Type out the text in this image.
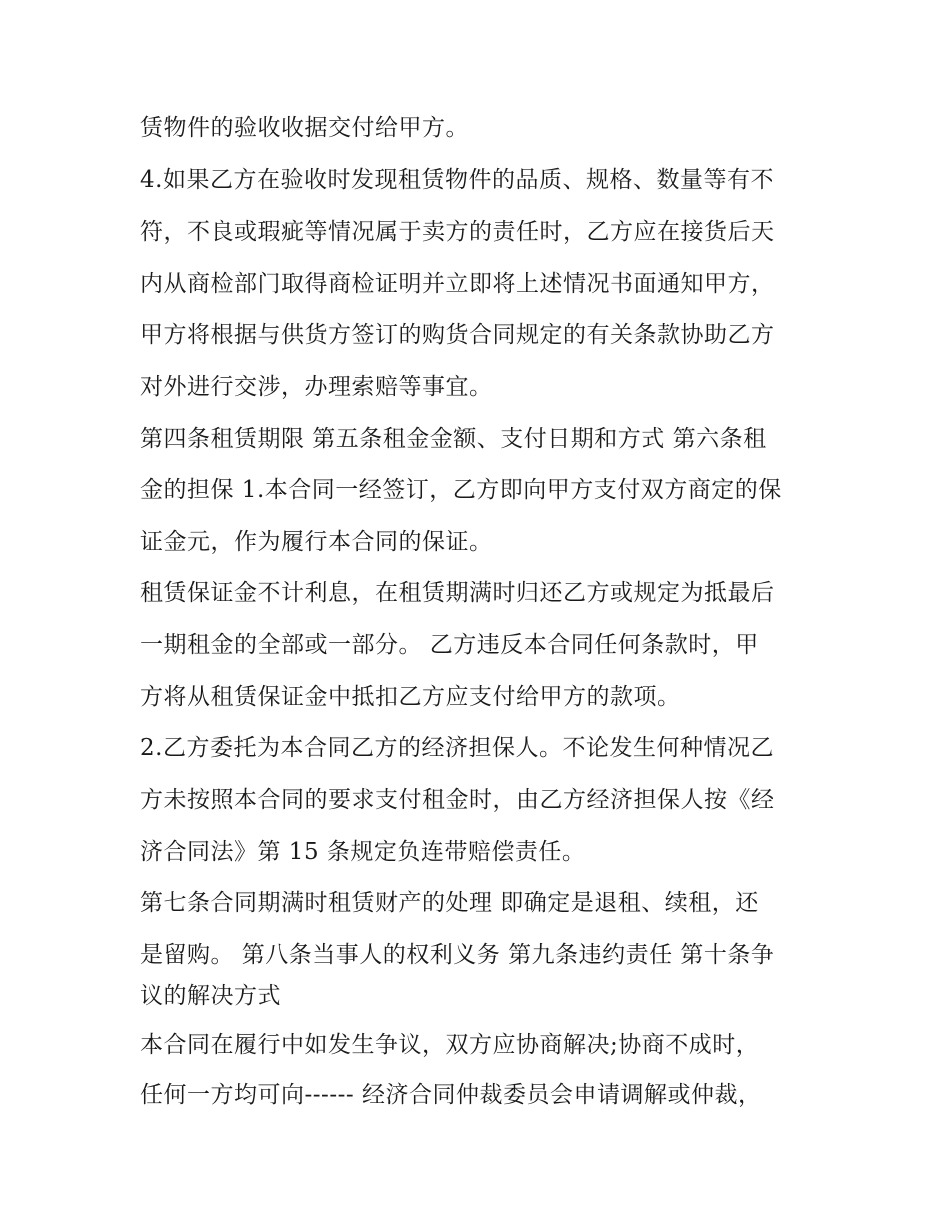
赁物件的验收收据交付给甲方。
4.如果乙方在验收时发现租赁物件的品质、规格、数量等有不
符，不良或瑕疵等情况属于卖方的责任时，乙方应在接货后天
内从商检部门取得商检证明并立即将上述情况书面通知甲方，
甲方将根据与供货方签订的购货合同规定的有关条款协助乙方
对外进行交涉，办理索赔等事宜。
第四条租赁期限 第五条租金金额、支付日期和方式 第六条租
金的担保 1.本合同一经签订，乙方即向甲方支付双方商定的保
证金元，作为履行本合同的保证。
租赁保证金不计利息，在租赁期满时归还乙方或规定为抵最后
一期租金的全部或一部分。 乙方违反本合同任何条款时，甲
方将从租赁保证金中抵扣乙方应支付给甲方的款项。
2.乙方委托为本合同乙方的经济担保人。不论发生何种情况乙
方未按照本合同的要求支付租金时，由乙方经济担保人按《经
济合同法》第 15 条规定负连带赔偿责任。
第七条合同期满时租赁财产的处理 即确定是退租、续租，还
是留购。 第八条当事人的权利义务 第九条违约责任 第十条争
议的解决方式
本合同在履行中如发生争议，双方应协商解决;协商不成时，
任何一方均可向------ 经济合同仲裁委员会申请调解或仲裁，
